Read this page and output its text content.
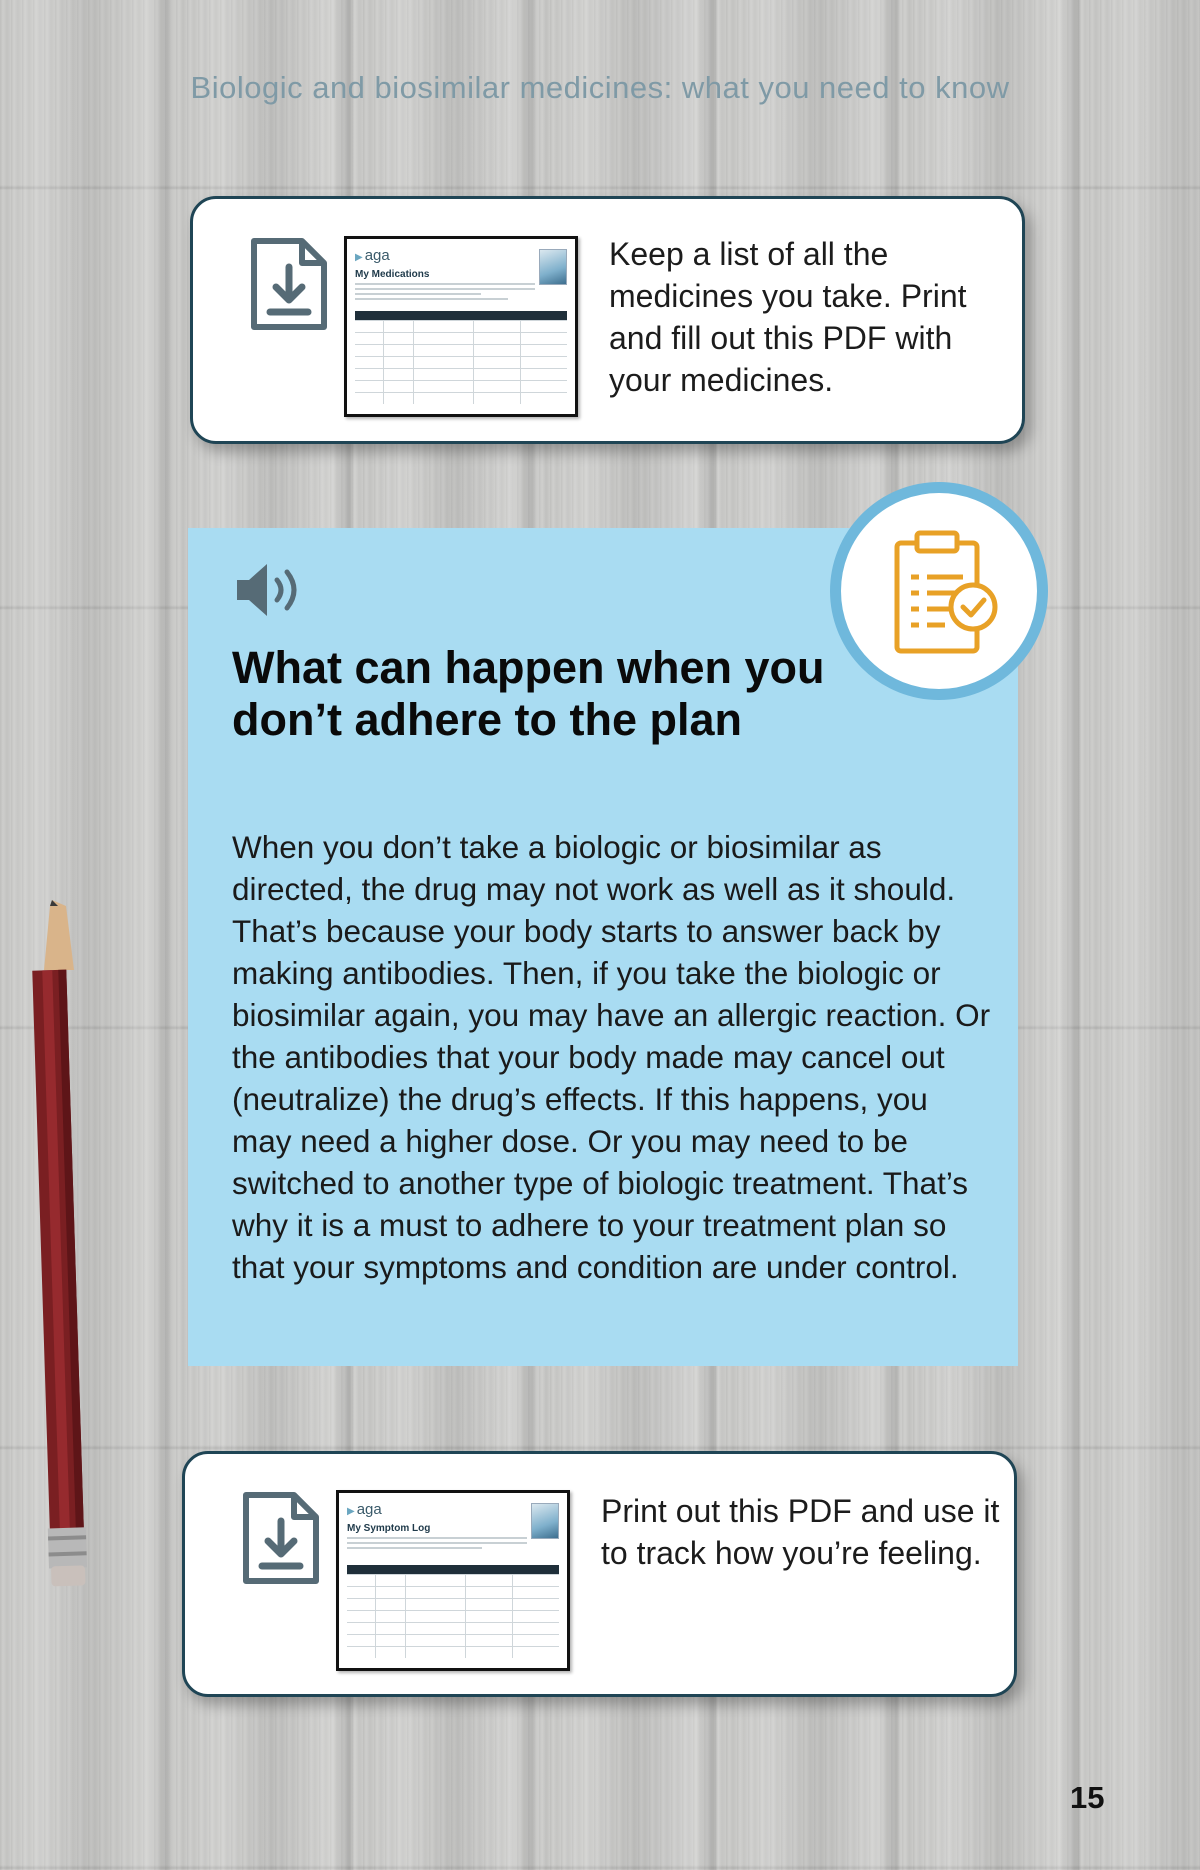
Biologic and biosimilar medicines: what you need to know
▶ aga
My Medications
Keep a list of all the medicines you take. Print and fill out this PDF with your medicines.
What can happen when you don’t adhere to the plan
When you don’t take a biologic or biosimilar as directed, the drug may not work as well as it should. That’s because your body starts to answer back by making antibodies. Then, if you take the biologic or biosimilar again, you may have an allergic reaction. Or the antibodies that your body made may cancel out (neutralize) the drug’s effects. If this happens, you may need a higher dose. Or you may need to be switched to another type of biologic treatment. That’s why it is a must to adhere to your treatment plan so that your symptoms and condition are under control.
▶ aga
My Symptom Log	Print out this PDF and use it to track how you’re feeling.
15
